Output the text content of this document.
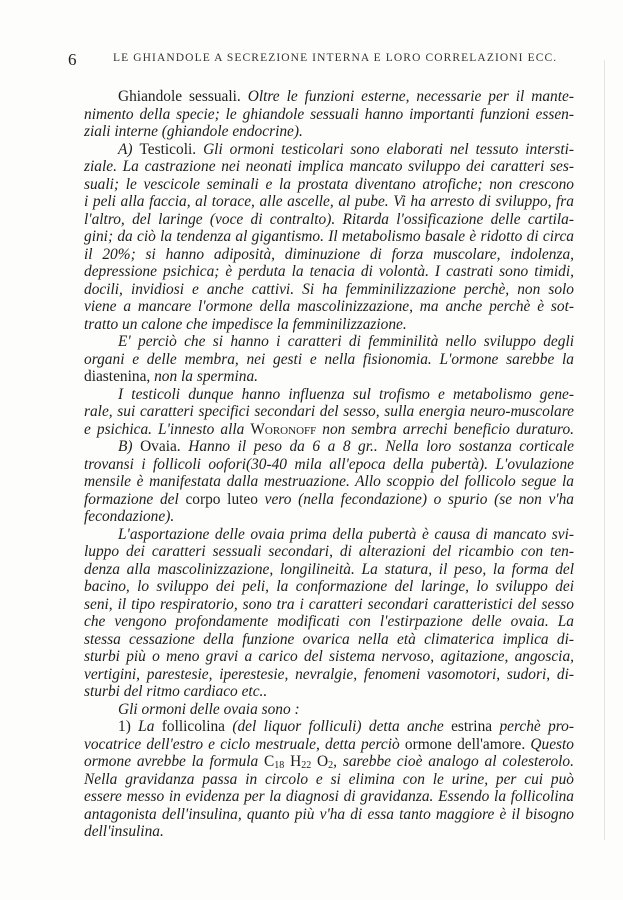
6	LE GHIANDOLE A SECREZIONE INTERNA E LORO CORRELAZIONI ECC.
Ghiandole sessuali. Oltre le funzioni esterne, necessarie per il mante-
nimento della specie; le ghiandole sessuali hanno importanti funzioni essen-
ziali interne (ghiandole endocrine).
A) Testicoli. Gli ormoni testicolari sono elaborati nel tessuto intersti-
ziale. La castrazione nei neonati implica mancato sviluppo dei caratteri ses-
suali; le vescicole seminali e la prostata diventano atrofiche; non crescono
i peli alla faccia, al torace, alle ascelle, al pube. Vi ha arresto di sviluppo, fra
l'altro, del laringe (voce di contralto). Ritarda l'ossificazione delle cartila-
gini; da ciò la tendenza al gigantismo. Il metabolismo basale è ridotto di circa
il 20%; si hanno adiposità, diminuzione di forza muscolare, indolenza,
depressione psichica; è perduta la tenacia di volontà. I castrati sono timidi,
docili, invidiosi e anche cattivi. Si ha femminilizzazione perchè, non solo
viene a mancare l'ormone della mascolinizzazione, ma anche perchè è sot-
tratto un calone che impedisce la femminilizzazione.
E' perciò che si hanno i caratteri di femminilità nello sviluppo degli
organi e delle membra, nei gesti e nella fisionomia. L'ormone sarebbe la
diastenina, non la spermina.
I testicoli dunque hanno influenza sul trofismo e metabolismo gene-
rale, sui caratteri specifici secondari del sesso, sulla energia neuro-muscolare
e psichica. L'innesto alla Woronoff non sembra arrechi beneficio duraturo.
B) Ovaia. Hanno il peso da 6 a 8 gr.. Nella loro sostanza corticale
trovansi i follicoli oofori(30-40 mila all'epoca della pubertà). L'ovulazione
mensile è manifestata dalla mestruazione. Allo scoppio del follicolo segue la
formazione del corpo luteo vero (nella fecondazione) o spurio (se non v'ha
fecondazione).
L'asportazione delle ovaia prima della pubertà è causa di mancato svi-
luppo dei caratteri sessuali secondari, di alterazioni del ricambio con ten-
denza alla mascolinizzazione, longilineità. La statura, il peso, la forma del
bacino, lo sviluppo dei peli, la conformazione del laringe, lo sviluppo dei
seni, il tipo respiratorio, sono tra i caratteri secondari caratteristici del sesso
che vengono profondamente modificati con l'estirpazione delle ovaia. La
stessa cessazione della funzione ovarica nella età climaterica implica di-
sturbi più o meno gravi a carico del sistema nervoso, agitazione, angoscia,
vertigini, parestesie, iperestesie, nevralgie, fenomeni vasomotori, sudori, di-
sturbi del ritmo cardiaco etc..
Gli ormoni delle ovaia sono :
1) La follicolina (del liquor folliculi) detta anche estrina perchè pro-
vocatrice dell'estro e ciclo mestruale, detta perciò ormone dell'amore. Questo
ormone avrebbe la formula $C_{18}$ $H_{22}$ $O_2$, sarebbe cioè analogo al colesterolo.
Nella gravidanza passa in circolo e si elimina con le urine, per cui può
essere messo in evidenza per la diagnosi di gravidanza. Essendo la follicolina
antagonista dell'insulina, quanto più v'ha di essa tanto maggiore è il bisogno
dell'insulina.
